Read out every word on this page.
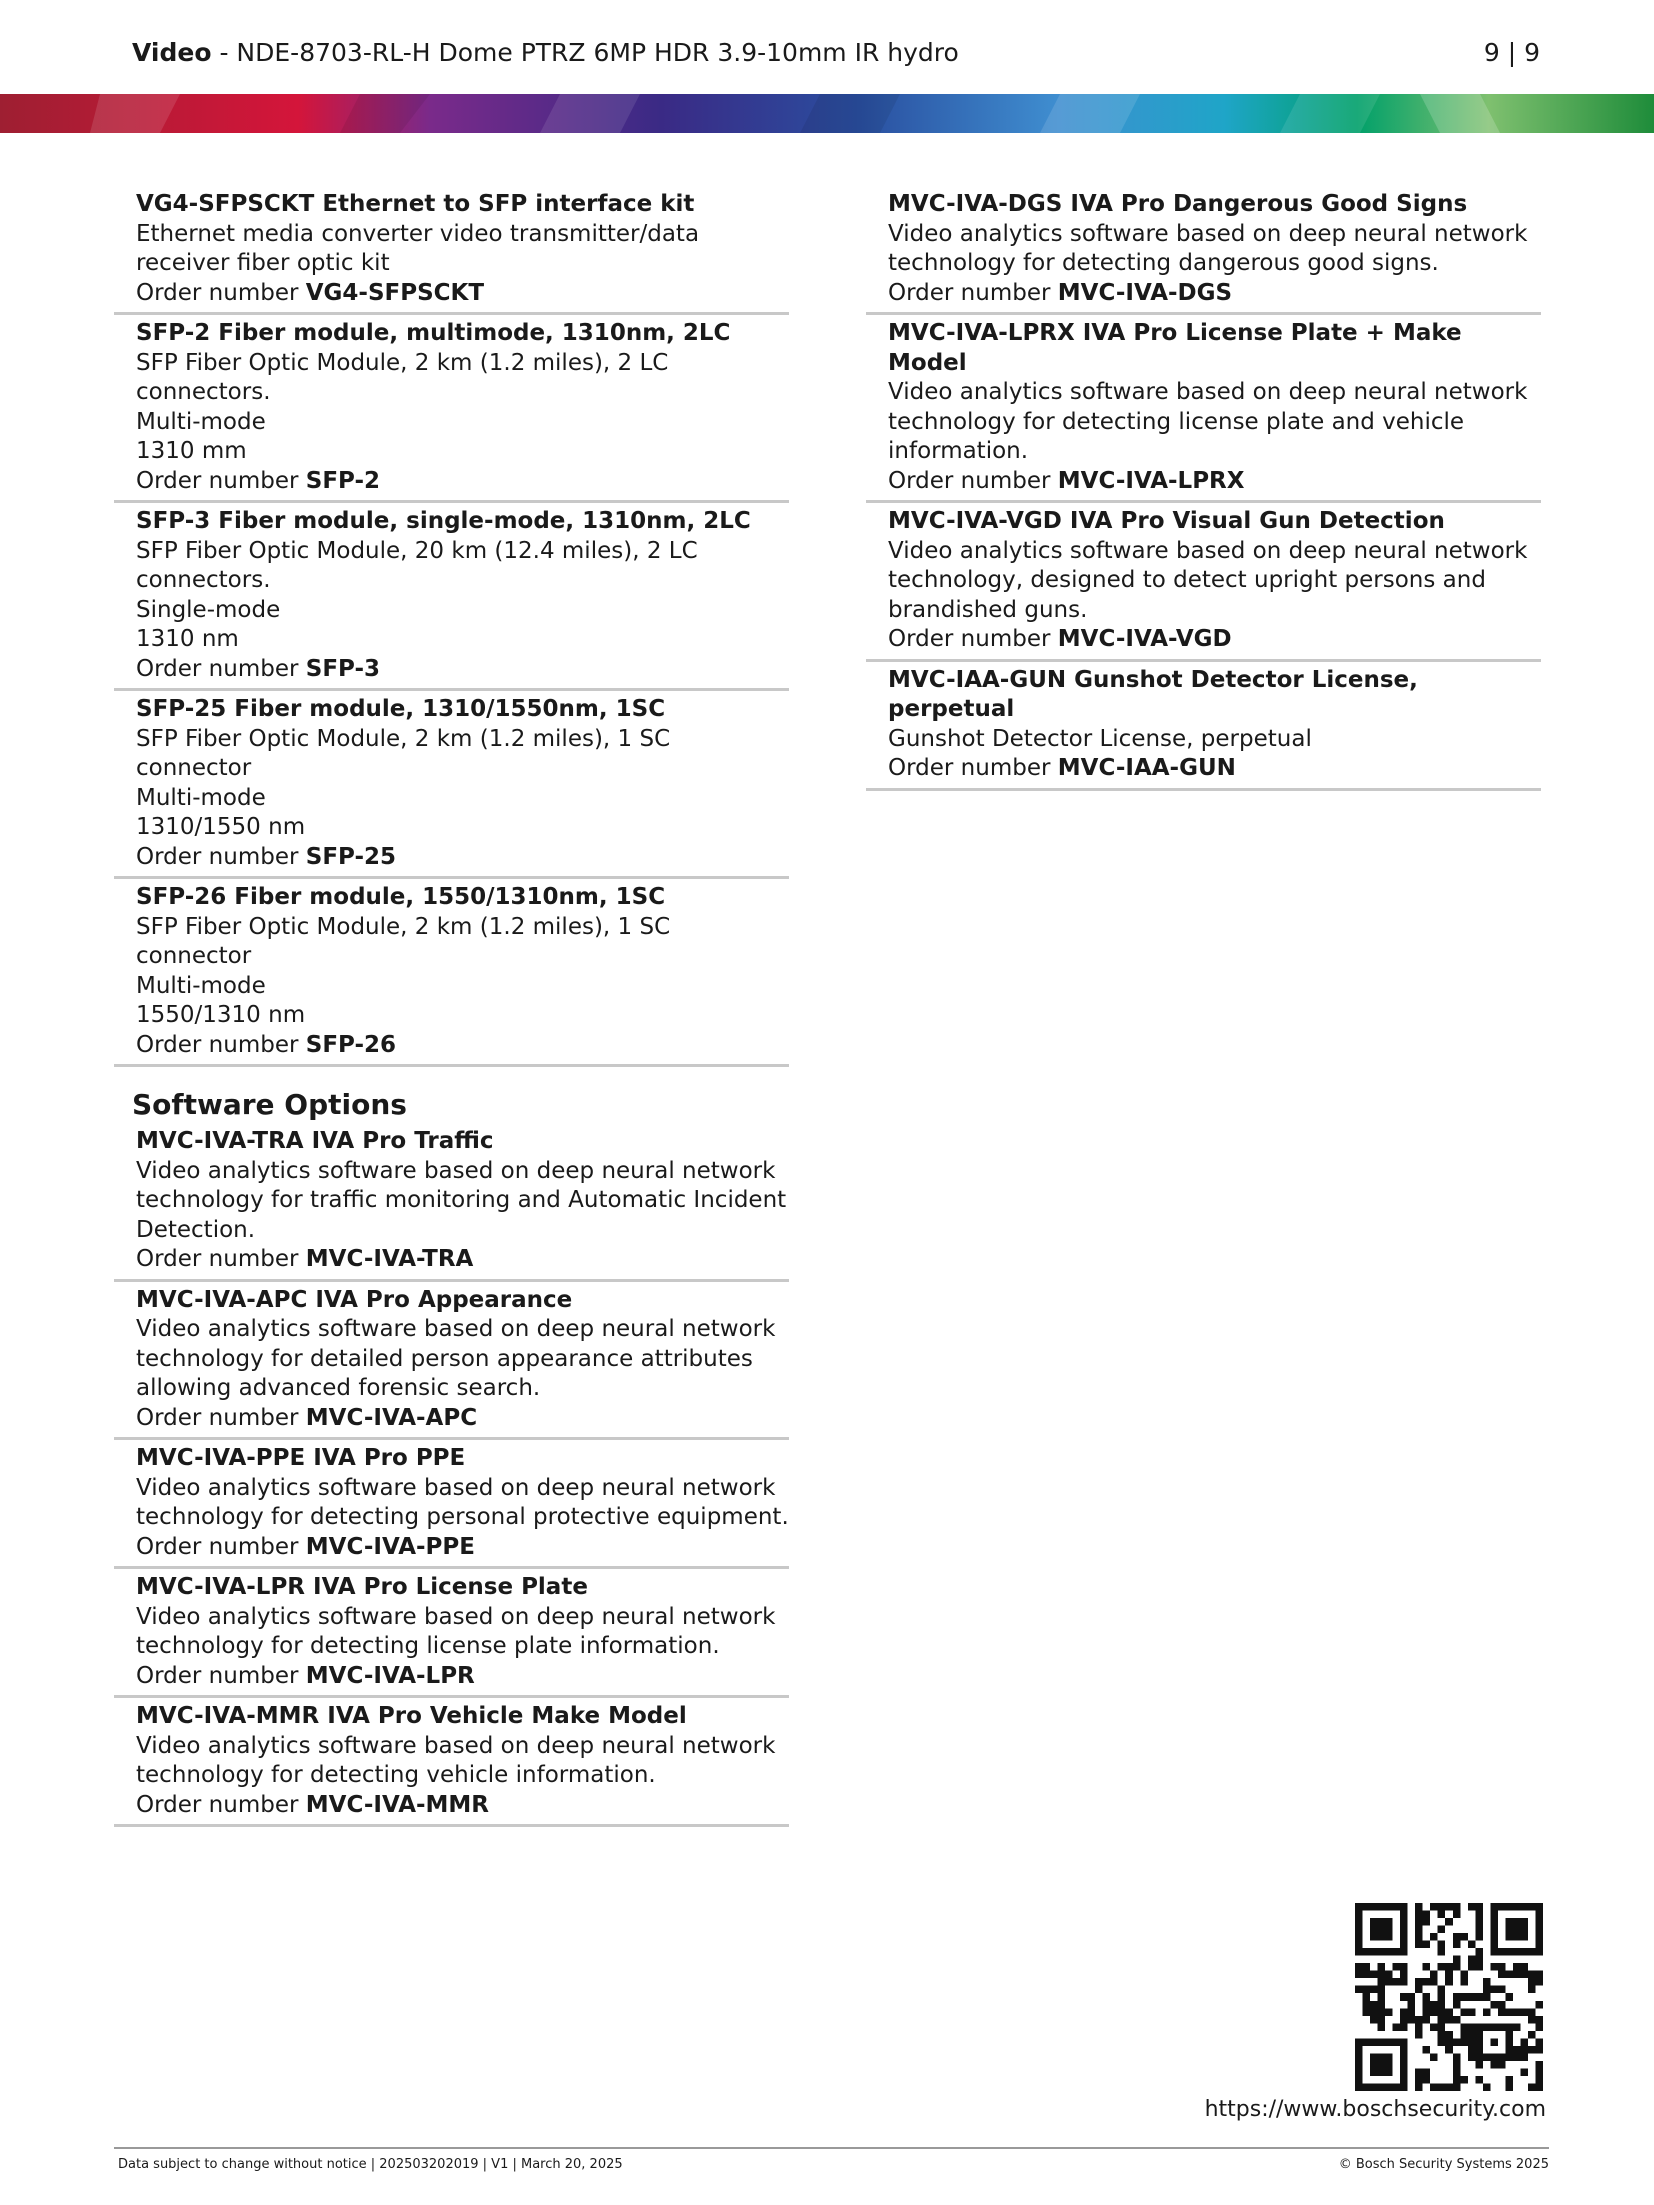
Video - NDE-8703-RL-H Dome PTRZ 6MP HDR 3.9-10mm IR hydro	9 | 9
VG4-SFPSCKT Ethernet to SFP interface kit
Ethernet media converter video transmitter/data receiver fiber optic kit
Order number VG4-SFPSCKT
SFP-2 Fiber module, multimode, 1310nm, 2LC
SFP Fiber Optic Module, 2 km (1.2 miles), 2 LC connectors.
Multi-mode
1310 mm
Order number SFP-2
SFP-3 Fiber module, single-mode, 1310nm, 2LC
SFP Fiber Optic Module, 20 km (12.4 miles), 2 LC connectors.
Single-mode
1310 nm
Order number SFP-3
SFP-25 Fiber module, 1310/1550nm, 1SC
SFP Fiber Optic Module, 2 km (1.2 miles), 1 SC connector
Multi-mode
1310/1550 nm
Order number SFP-25
SFP-26 Fiber module, 1550/1310nm, 1SC
SFP Fiber Optic Module, 2 km (1.2 miles), 1 SC connector
Multi-mode
1550/1310 nm
Order number SFP-26
Software Options
MVC-IVA-TRA IVA Pro Traffic
Video analytics software based on deep neural network technology for traffic monitoring and Automatic Incident Detection.
Order number MVC-IVA-TRA
MVC-IVA-APC IVA Pro Appearance
Video analytics software based on deep neural network technology for detailed person appearance attributes allowing advanced forensic search.
Order number MVC-IVA-APC
MVC-IVA-PPE IVA Pro PPE
Video analytics software based on deep neural network technology for detecting personal protective equipment.
Order number MVC-IVA-PPE
MVC-IVA-LPR IVA Pro License Plate
Video analytics software based on deep neural network technology for detecting license plate information.
Order number MVC-IVA-LPR
MVC-IVA-MMR IVA Pro Vehicle Make Model
Video analytics software based on deep neural network technology for detecting vehicle information.
Order number MVC-IVA-MMR
MVC-IVA-DGS IVA Pro Dangerous Good Signs
Video analytics software based on deep neural network technology for detecting dangerous good signs.
Order number MVC-IVA-DGS
MVC-IVA-LPRX IVA Pro License Plate + Make Model
Video analytics software based on deep neural network technology for detecting license plate and vehicle information.
Order number MVC-IVA-LPRX
MVC-IVA-VGD IVA Pro Visual Gun Detection
Video analytics software based on deep neural network technology, designed to detect upright persons and brandished guns.
Order number MVC-IVA-VGD
MVC-IAA-GUN Gunshot Detector License, perpetual
Gunshot Detector License, perpetual
Order number MVC-IAA-GUN
https://www.boschsecurity.com
Data subject to change without notice | 202503202019 | V1 | March 20, 2025	© Bosch Security Systems 2025
